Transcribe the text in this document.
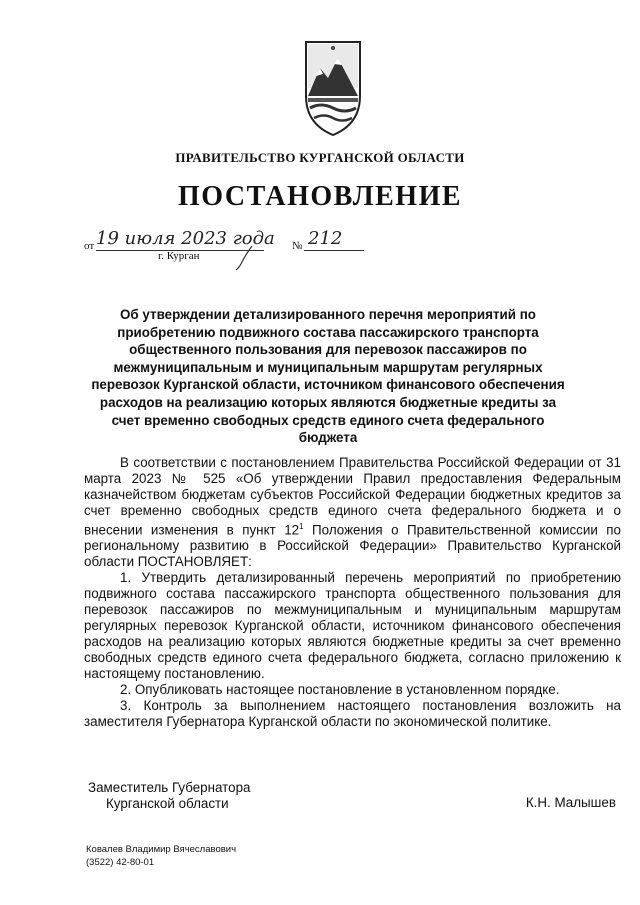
ПРАВИТЕЛЬСТВО КУРГАНСКОЙ ОБЛАСТИ
ПОСТАНОВЛЕНИЕ
от 19 июля 2023 года № 212
г. Курган
Об утверждении детализированного перечня мероприятий по приобретению подвижного состава пассажирского транспорта общественного пользования для перевозок пассажиров по межмуниципальным и муниципальным маршрутам регулярных перевозок Курганской области, источником финансового обеспечения расходов на реализацию которых являются бюджетные кредиты за счет временно свободных средств единого счета федерального бюджета

В соответствии с постановлением Правительства Российской Федерации от 31 марта 2023 № 525 «Об утверждении Правил предоставления Федеральным казначейством бюджетам субъектов Российской Федерации бюджетных кредитов за счет временно свободных средств единого счета федерального бюджета и о внесении изменения в пункт $12^1$ Положения о Правительственной комиссии по региональному развитию в Российской Федерации» Правительство Курганской области ПОСТАНОВЛЯЕТ:

1. Утвердить детализированный перечень мероприятий по приобретению подвижного состава пассажирского транспорта общественного пользования для перевозок пассажиров по межмуниципальным и муниципальным маршрутам регулярных перевозок Курганской области, источником финансового обеспечения расходов на реализацию которых являются бюджетные кредиты за счет временно свободных средств единого счета федерального бюджета, согласно приложению к настоящему постановлению.

2. Опубликовать настоящее постановление в установленном порядке.

3. Контроль за выполнением настоящего постановления возложить на заместителя Губернатора Курганской области по экономической политике.

Заместитель Губернатора
Курганской области	К.Н. Малышев
Ковалев Владимир Вячеславович
(3522) 42-80-01
